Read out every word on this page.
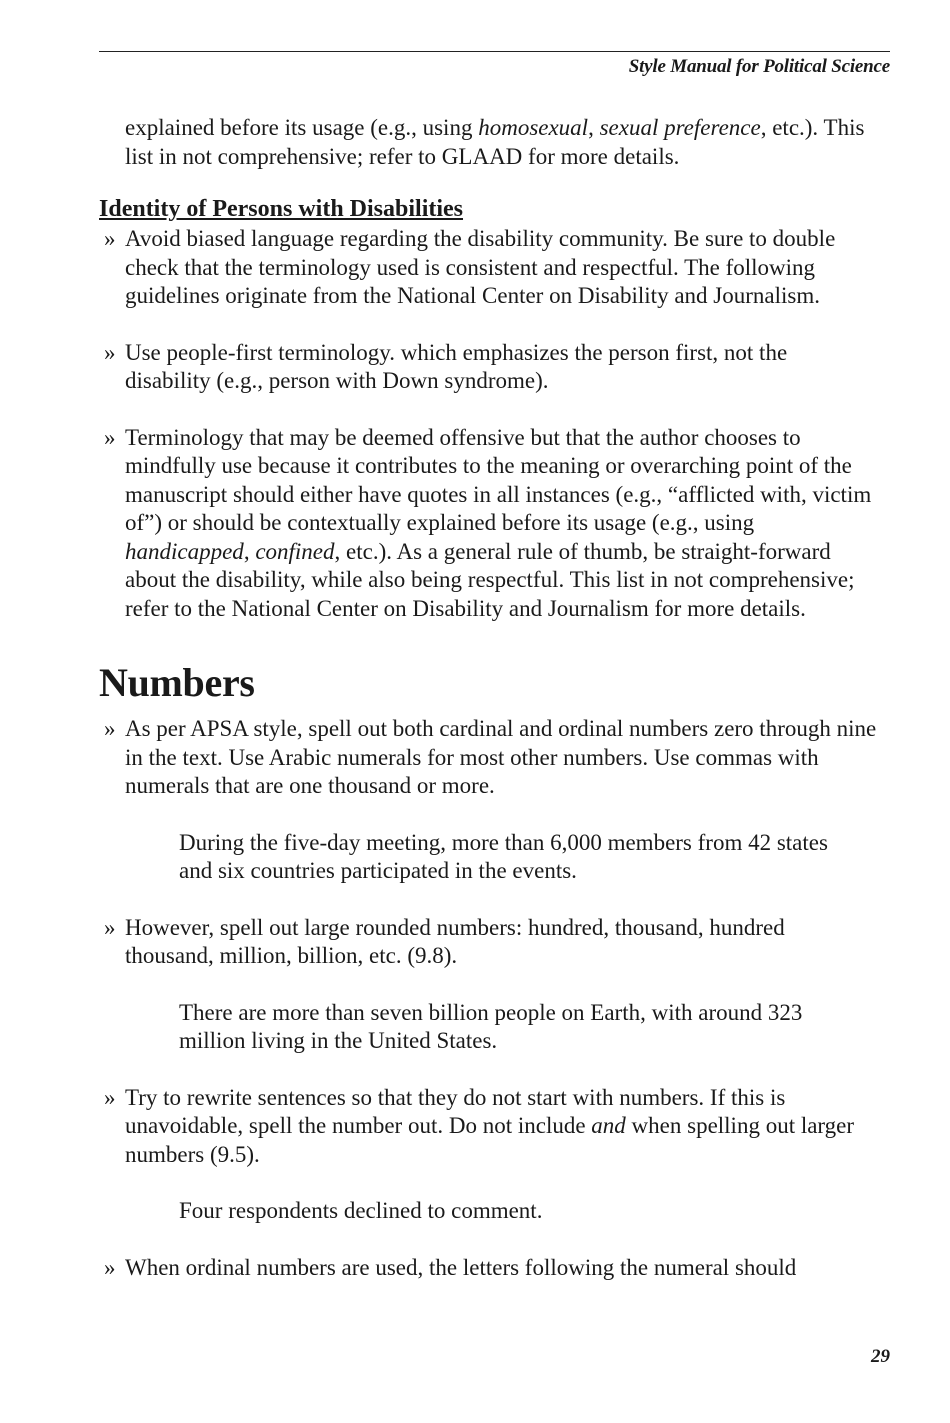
Style Manual for Political Science

explained before its usage (e.g., using homosexual, sexual preference, etc.). This list in not comprehensive; refer to GLAAD for more details.

Identity of Persons with Disabilities
» Avoid biased language regarding the disability community. Be sure to double check that the terminology used is consistent and respectful. The following guidelines originate from the National Center on Disability and Journalism.
» Use people-first terminology. which emphasizes the person first, not the disability (e.g., person with Down syndrome).
» Terminology that may be deemed offensive but that the author chooses to mindfully use because it contributes to the meaning or overarching point of the manuscript should either have quotes in all instances (e.g., “afflicted with, victim of”) or should be contextually explained before its usage (e.g., using handicapped, confined, etc.). As a general rule of thumb, be straight-forward about the disability, while also being respectful. This list in not comprehensive; refer to the National Center on Disability and Journalism for more details.
Numbers
» As per APSA style, spell out both cardinal and ordinal numbers zero through nine in the text. Use Arabic numerals for most other numbers. Use commas with numerals that are one thousand or more.
During the five-day meeting, more than 6,000 members from 42 states and six countries participated in the events.
» However, spell out large rounded numbers: hundred, thousand, hundred thousand, million, billion, etc. (9.8).
There are more than seven billion people on Earth, with around 323 million living in the United States.
» Try to rewrite sentences so that they do not start with numbers. If this is unavoidable, spell the number out. Do not include and when spelling out larger numbers (9.5).
Four respondents declined to comment.
» When ordinal numbers are used, the letters following the numeral should
29
